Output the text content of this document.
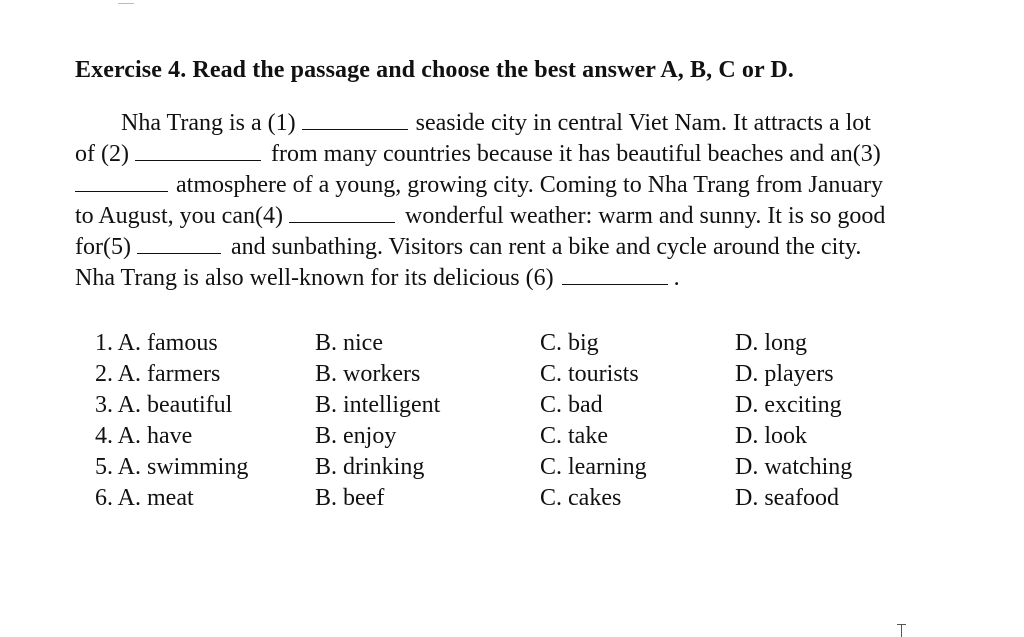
Exercise 4. Read the passage and choose the best answer A, B, C or D.
Nha Trang is a (1)	seaside city in central Viet Nam. It attracts a lot
of (2)	from many countries because it has beautiful beaches and an(3)
atmosphere of a young, growing city. Coming to Nha Trang from January
to August, you can(4)	wonderful weather: warm and sunny. It is so good
for(5)	and sunbathing. Visitors can rent a bike and cycle around the city.
Nha Trang is also well-known for its delicious (6)	.
1. A. famous	B. nice	C. big	D. long
2. A. farmers	B. workers	C. tourists	D. players
3. A. beautiful	B. intelligent	C. bad	D. exciting
4. A. have	B. enjoy	C. take	D. look
5. A. swimming	B. drinking	C. learning	D. watching
6. A. meat	B. beef	C. cakes	D. seafood
